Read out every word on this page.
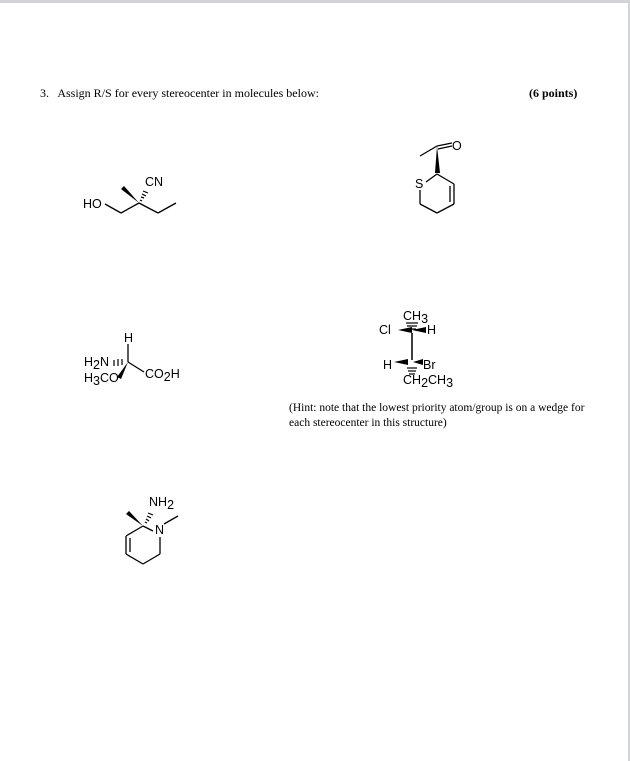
3. Assign R/S for every stereocenter in molecules below:	(6 points)
HO
CN
O
S
H
H2N
H3CO CO2H
CH3
Cl	H
H Br
CH2CH3
(Hint: note that the lowest priority atom/group is on a wedge for each stereocenter in this structure)
NH2
N
